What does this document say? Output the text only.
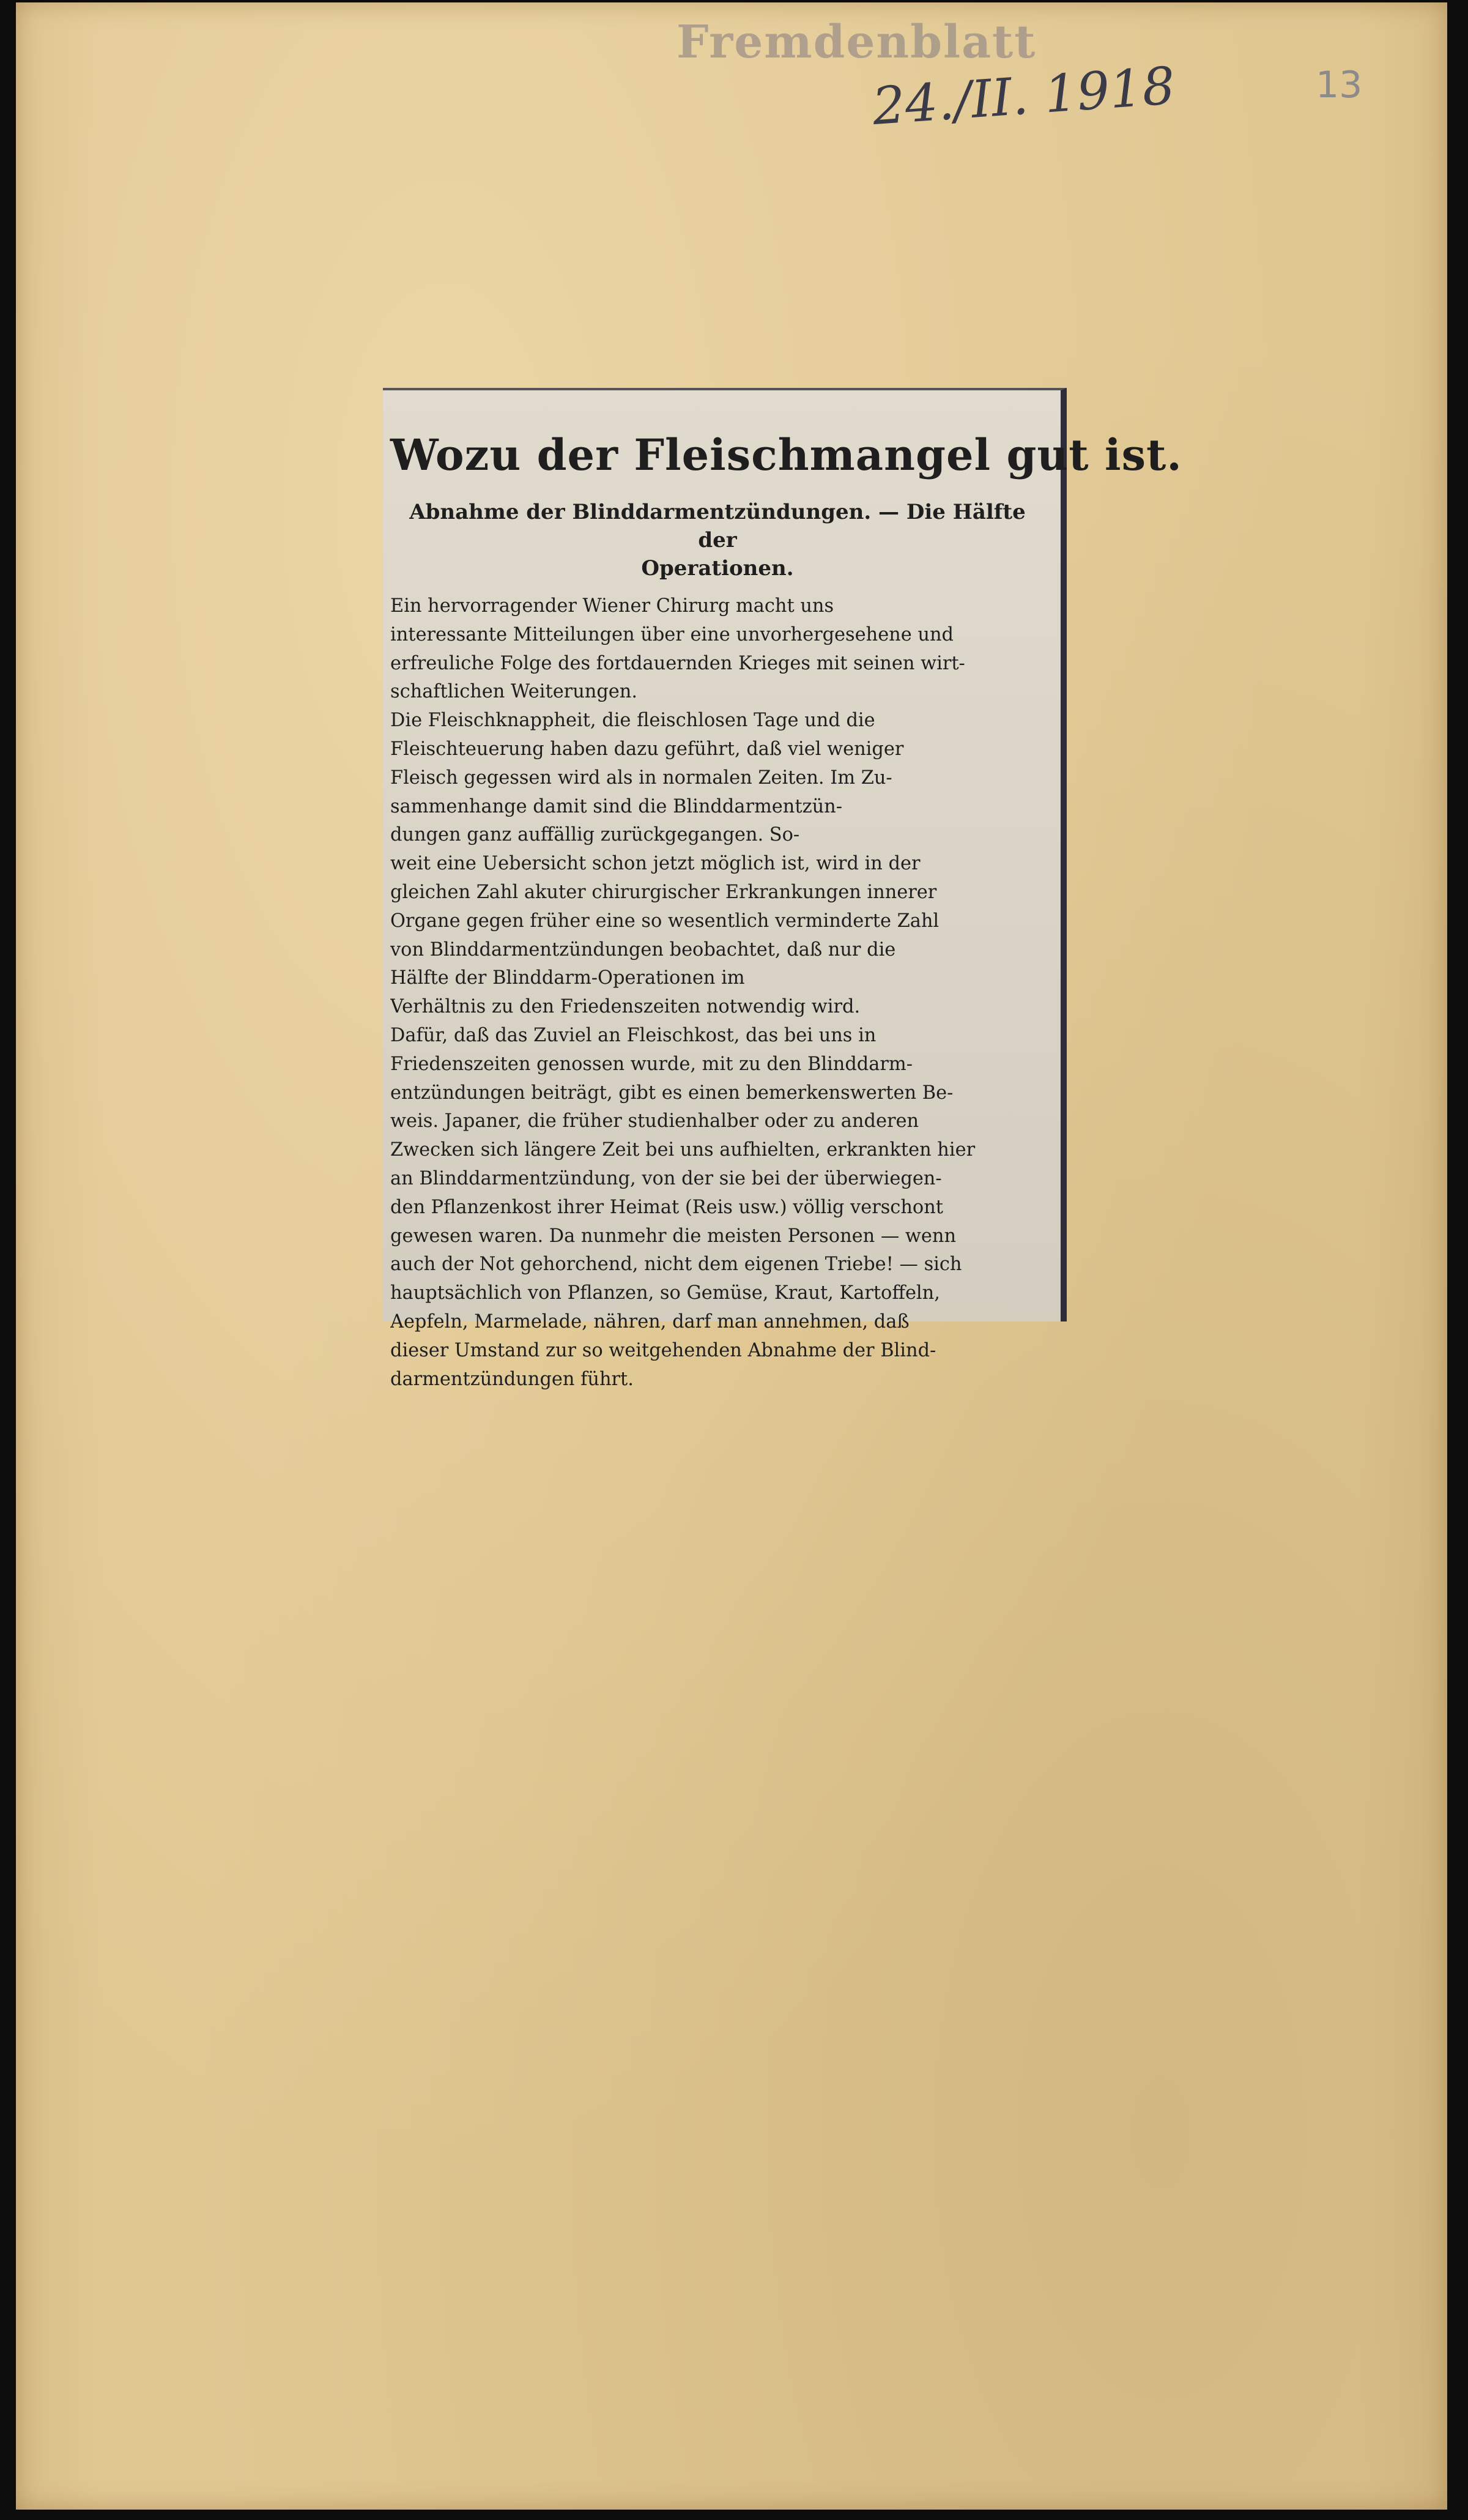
Fremdenblatt
24./II. 1918	13
Wozu der Fleischmangel gut ist.
Abnahme der Blinddarmentzündungen. — Die Hälfte der
Operationen.
Ein hervorragender Wiener Chirurg macht uns
interessante Mitteilungen über eine unvorhergesehene und
erfreuliche Folge des fortdauernden Krieges mit seinen wirt-
schaftlichen Weiterungen.
Die Fleischknappheit, die fleischlosen Tage und die
Fleischteuerung haben dazu geführt, daß viel weniger
Fleisch gegessen wird als in normalen Zeiten. Im Zu-
sammenhange damit sind die Blinddarmentzün-
dungen ganz auffällig zurückgegangen. So-
weit eine Uebersicht schon jetzt möglich ist, wird in der
gleichen Zahl akuter chirurgischer Erkrankungen innerer
Organe gegen früher eine so wesentlich verminderte Zahl
von Blinddarmentzündungen beobachtet, daß nur die
Hälfte der Blinddarm-Operationen im
Verhältnis zu den Friedenszeiten notwendig wird.
Dafür, daß das Zuviel an Fleischkost, das bei uns in
Friedenszeiten genossen wurde, mit zu den Blinddarm-
entzündungen beiträgt, gibt es einen bemerkenswerten Be-
weis. Japaner, die früher studienhalber oder zu anderen
Zwecken sich längere Zeit bei uns aufhielten, erkrankten hier
an Blinddarmentzündung, von der sie bei der überwiegen-
den Pflanzenkost ihrer Heimat (Reis usw.) völlig verschont
gewesen waren. Da nunmehr die meisten Personen — wenn
auch der Not gehorchend, nicht dem eigenen Triebe! — sich
hauptsächlich von Pflanzen, so Gemüse, Kraut, Kartoffeln,
Aepfeln, Marmelade, nähren, darf man annehmen, daß
dieser Umstand zur so weitgehenden Abnahme der Blind-
darmentzündungen führt.
